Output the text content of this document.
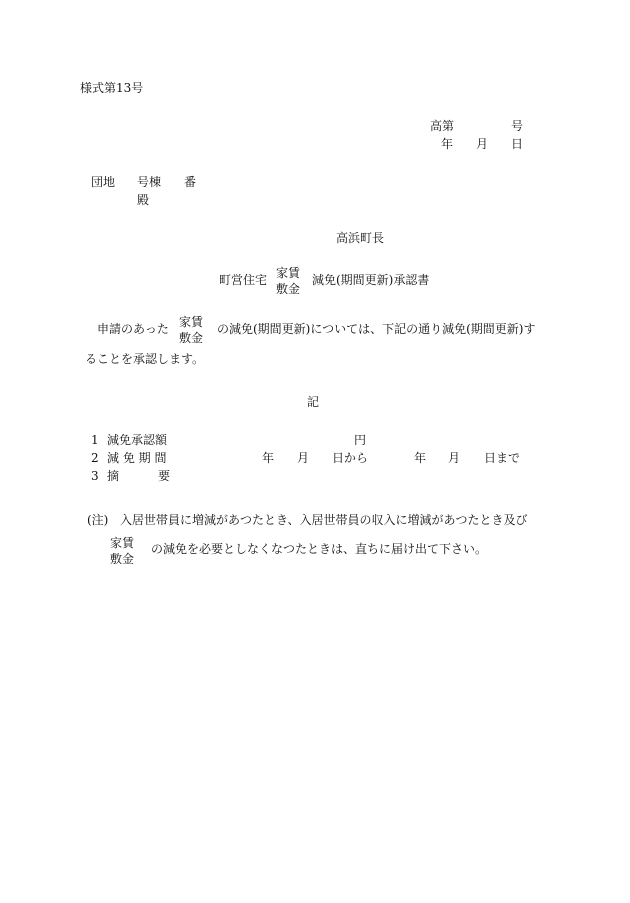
様式第13号
高第	号
年 月 日
団地 号棟 番
殿
高浜町長
町営住宅 家賃
敷金
減免(期間更新)承認書
申請のあった 家賃
敷金
の減免(期間更新)については、下記の通り減免(期間更新)す
ることを承認します。
記
1 減免承認額	円
2 減 免 期 間	年 月 日から	年 月 日まで
3 摘	要
(注) 入居世帯員に増減があつたとき、入居世帯員の収入に増減があつたとき及び
家賃
敷金
の減免を必要としなくなつたときは、直ちに届け出て下さい。
